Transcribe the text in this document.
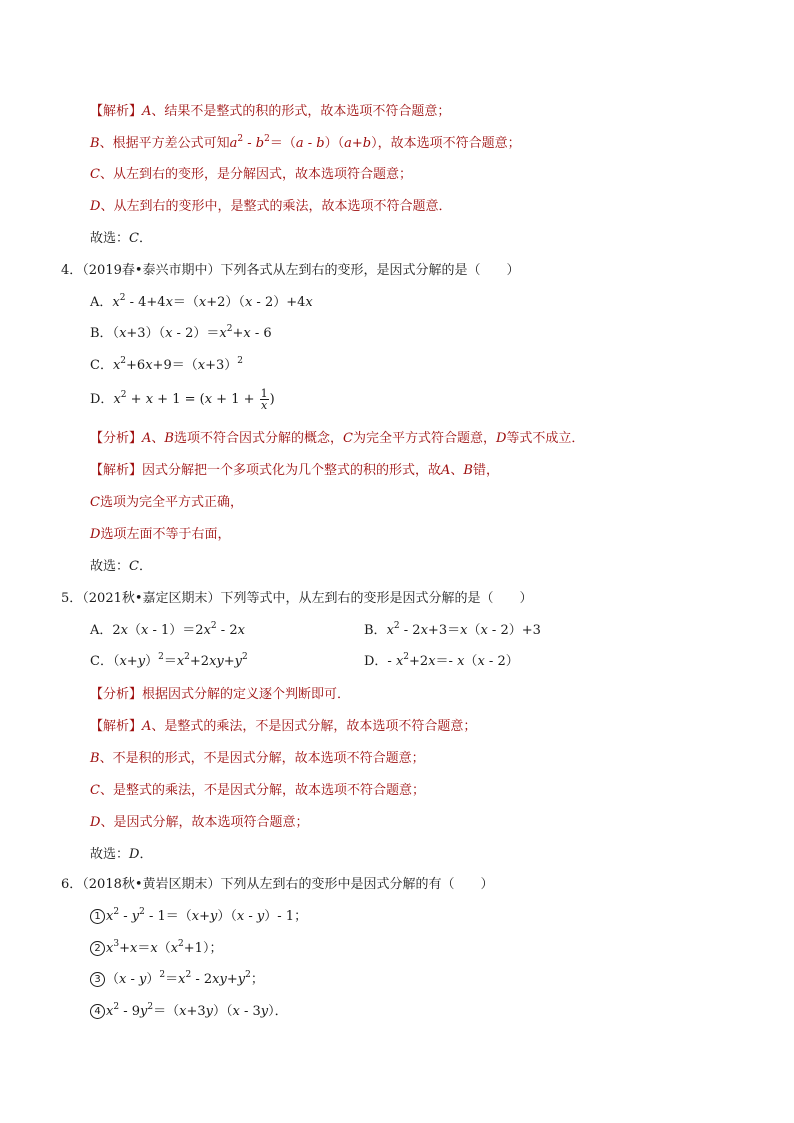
【解析】A、结果不是整式的积的形式，故本选项不符合题意；
B、根据平方差公式可知$a^2 - b^2=(a - b)(a+b)$，故本选项不符合题意；
C、从左到右的变形，是分解因式，故本选项符合题意；
D、从左到右的变形中，是整式的乘法，故本选项不符合题意．
故选：C．
4．（2019春•泰兴市期中）下列各式从左到右的变形，是因式分解的是（　　）
A．$x^2 - 4+4x=(x+2)(x - 2)+4x$
B．$(x+3)(x - 2)=x^2+x - 6$
C．$x^2+6x+9=(x+3)^2$
D．$x^2 + x + 1 = (x + 1 + \frac{1}{x}$ )
【分析】A、B选项不符合因式分解的概念，C为完全平方式符合题意，D等式不成立．
【解析】因式分解把一个多项式化为几个整式的积的形式，故A、B错，
C选项为完全平方式正确，
D选项左面不等于右面，
故选：C．
5．（2021秋•嘉定区期末）下列等式中，从左到右的变形是因式分解的是（　　）
A．$2x(x - 1)=2x^2 - 2x$	B．$x^2 - 2x+3=x(x - 2)+3$
C．$(x+y)^2=x^2+2xy+y^2$	D．- $x^2+2x=-$ x（x - 2）
【分析】根据因式分解的定义逐个判断即可．
【解析】A、是整式的乘法，不是因式分解，故本选项不符合题意；
B、不是积的形式，不是因式分解，故本选项不符合题意；
C、是整式的乘法，不是因式分解，故本选项不符合题意；
D、是因式分解，故本选项符合题意；
故选：D．
6．（2018秋•黄岩区期末）下列从左到右的变形中是因式分解的有（　　）
1 $x^2 - y^2 - 1=(x+y)(x - y)-$ 1；
2 $x^3+x=x(x^2+1)$；
3 $(x - y)^2=x^2 - 2xy+y^2$；
4 $x^2 - 9y^2=(x+3y)(x - 3y)$．
